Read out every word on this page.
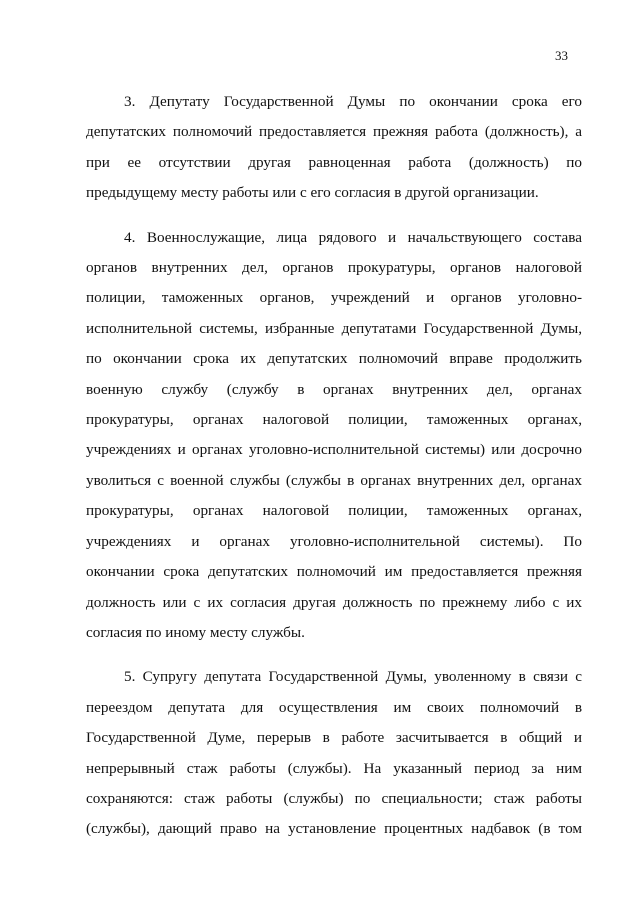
33

3. Депутату Государственной Думы по окончании срока его
депутатских полномочий предоставляется прежняя работа (должность), а
при ее отсутствии другая равноценная работа (должность) по
предыдущему месту работы или с его согласия в другой организации.

4. Военнослужащие, лица рядового и начальствующего состава
органов внутренних дел, органов прокуратуры, органов налоговой
полиции, таможенных органов, учреждений и органов уголовно-
исполнительной системы, избранные депутатами Государственной Думы,
по окончании срока их депутатских полномочий вправе продолжить
военную службу (службу в органах внутренних дел, органах
прокуратуры, органах налоговой полиции, таможенных органах,
учреждениях и органах уголовно-исполнительной системы) или досрочно
уволиться с военной службы (службы в органах внутренних дел, органах
прокуратуры, органах налоговой полиции, таможенных органах,
учреждениях и органах уголовно-исполнительной системы). По
окончании срока депутатских полномочий им предоставляется прежняя
должность или с их согласия другая должность по прежнему либо с их
согласия по иному месту службы.

5. Супругу депутата Государственной Думы, уволенному в связи с
переездом депутата для осуществления им своих полномочий в
Государственной Думе, перерыв в работе засчитывается в общий и
непрерывный стаж работы (службы). На указанный период за ним
сохраняются: стаж работы (службы) по специальности; стаж работы
(службы), дающий право на установление процентных надбавок (в том
